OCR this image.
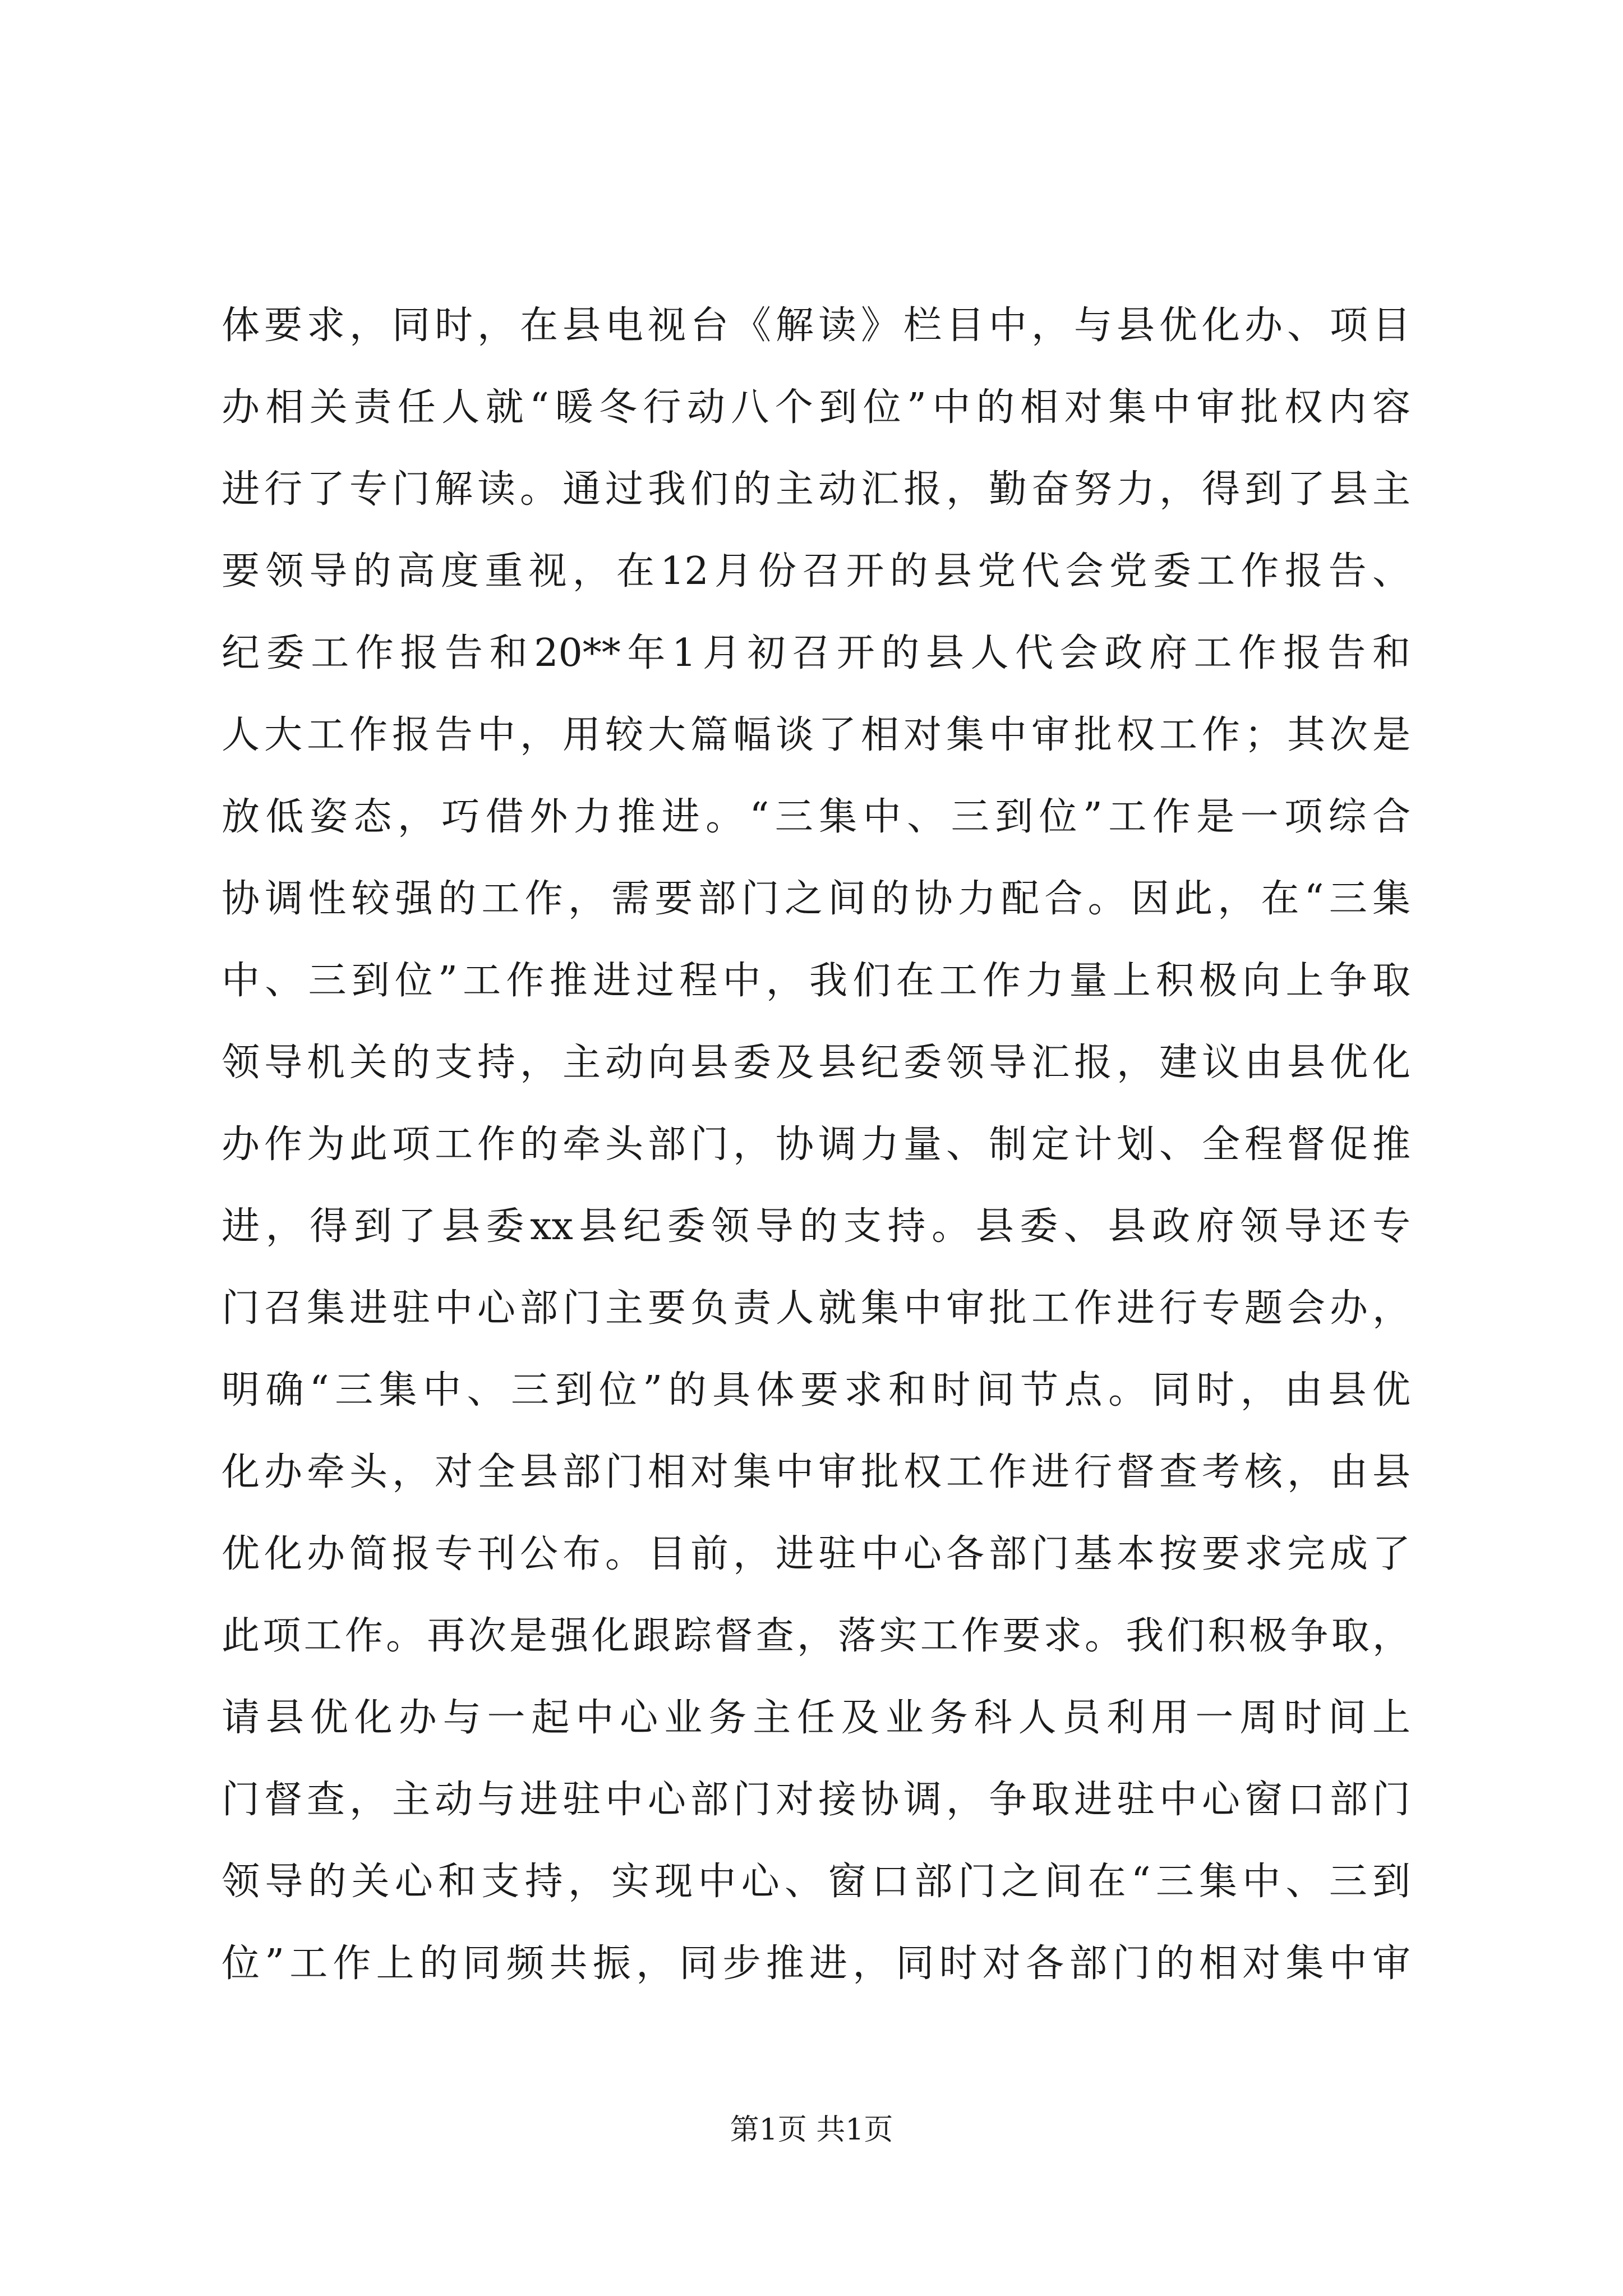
体要求，同时，在县电视台《解读》栏目中，与县优化办、项目
办相关责任人就“暖冬行动八个到位”中的相对集中审批权内容
进行了专门解读。通过我们的主动汇报，勤奋努力，得到了县主
要领导的高度重视，在12月份召开的县党代会党委工作报告、
纪委工作报告和20**年1月初召开的县人代会政府工作报告和
人大工作报告中，用较大篇幅谈了相对集中审批权工作；其次是
放低姿态，巧借外力推进。“三集中、三到位”工作是一项综合
协调性较强的工作，需要部门之间的协力配合。因此，在“三集
中、三到位”工作推进过程中，我们在工作力量上积极向上争取
领导机关的支持，主动向县委及县纪委领导汇报，建议由县优化
办作为此项工作的牵头部门，协调力量、制定计划、全程督促推
进，得到了县委xx县纪委领导的支持。县委、县政府领导还专
门召集进驻中心部门主要负责人就集中审批工作进行专题会办，
明确“三集中、三到位”的具体要求和时间节点。同时，由县优
化办牵头，对全县部门相对集中审批权工作进行督查考核，由县
优化办简报专刊公布。目前，进驻中心各部门基本按要求完成了
此项工作。再次是强化跟踪督查，落实工作要求。我们积极争取，
请县优化办与一起中心业务主任及业务科人员利用一周时间上
门督查，主动与进驻中心部门对接协调，争取进驻中心窗口部门
领导的关心和支持，实现中心、窗口部门之间在“三集中、三到
位”工作上的同频共振，同步推进，同时对各部门的相对集中审
第1页 共1页
